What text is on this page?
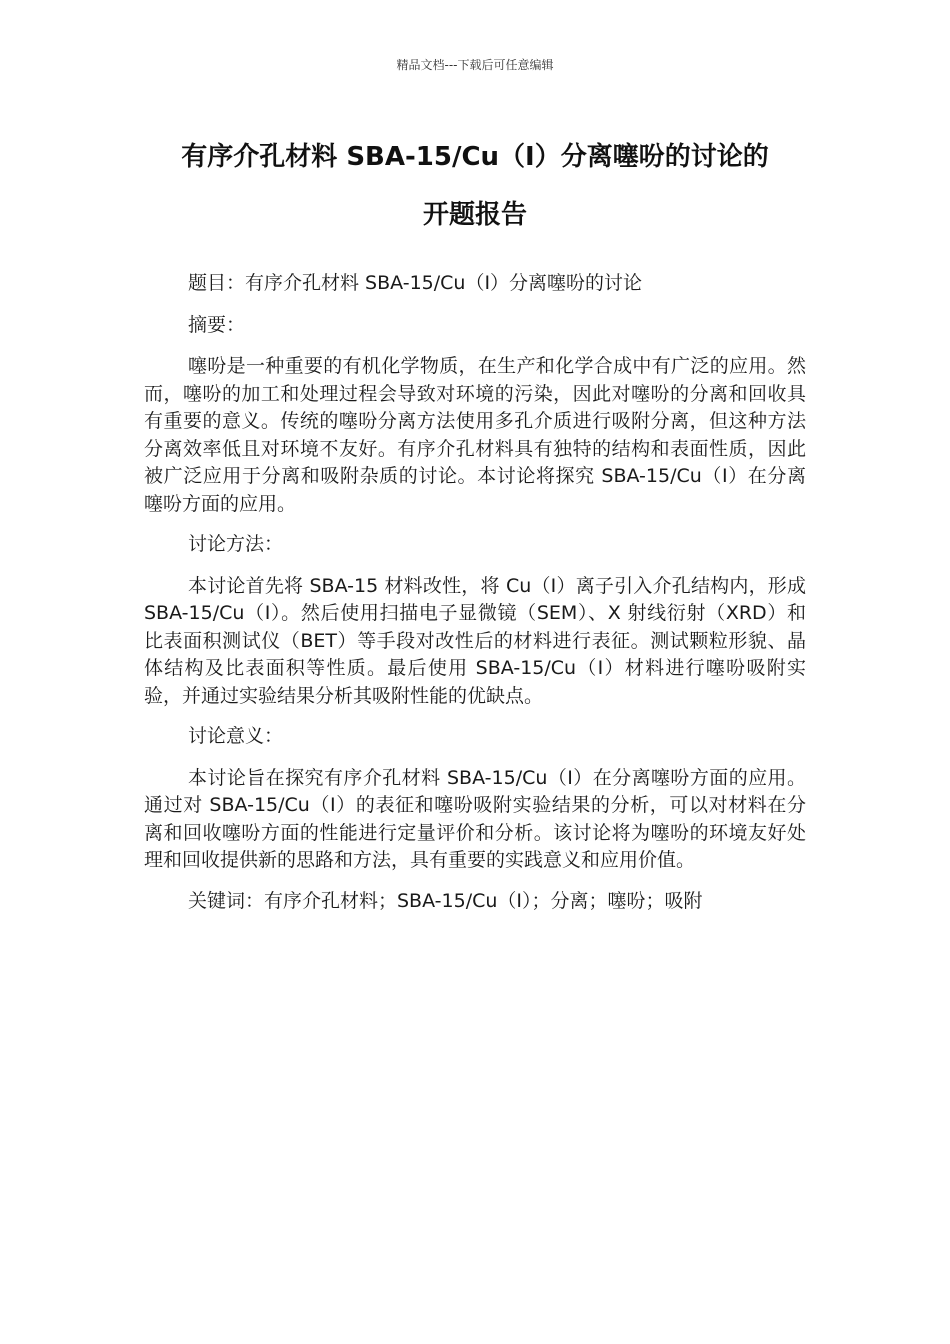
精品文档---下载后可任意编辑
有序介孔材料 SBA-15/Cu（Ⅰ）分离噻吩的讨论的
开题报告

题目：有序介孔材料 SBA-15/Cu（Ⅰ）分离噻吩的讨论

摘要：

噻吩是一种重要的有机化学物质，在生产和化学合成中有广泛的应用。然而，噻吩的加工和处理过程会导致对环境的污染，因此对噻吩的分离和回收具有重要的意义。传统的噻吩分离方法使用多孔介质进行吸附分离，但这种方法分离效率低且对环境不友好。有序介孔材料具有独特的结构和表面性质，因此被广泛应用于分离和吸附杂质的讨论。本讨论将探究 SBA-15/Cu（Ⅰ）在分离噻吩方面的应用。

讨论方法：

本讨论首先将 SBA-15 材料改性，将 Cu（Ⅰ）离子引入介孔结构内，形成 SBA-15/Cu（Ⅰ）。然后使用扫描电子显微镜（SEM）、X 射线衍射（XRD）和比表面积测试仪（BET）等手段对改性后的材料进行表征。测试颗粒形貌、晶体结构及比表面积等性质。最后使用 SBA-15/Cu（Ⅰ）材料进行噻吩吸附实验，并通过实验结果分析其吸附性能的优缺点。

讨论意义：

本讨论旨在探究有序介孔材料 SBA-15/Cu（Ⅰ）在分离噻吩方面的应用。通过对 SBA-15/Cu（Ⅰ）的表征和噻吩吸附实验结果的分析，可以对材料在分离和回收噻吩方面的性能进行定量评价和分析。该讨论将为噻吩的环境友好处理和回收提供新的思路和方法，具有重要的实践意义和应用价值。

关键词：有序介孔材料；SBA-15/Cu（Ⅰ）；分离；噻吩；吸附
